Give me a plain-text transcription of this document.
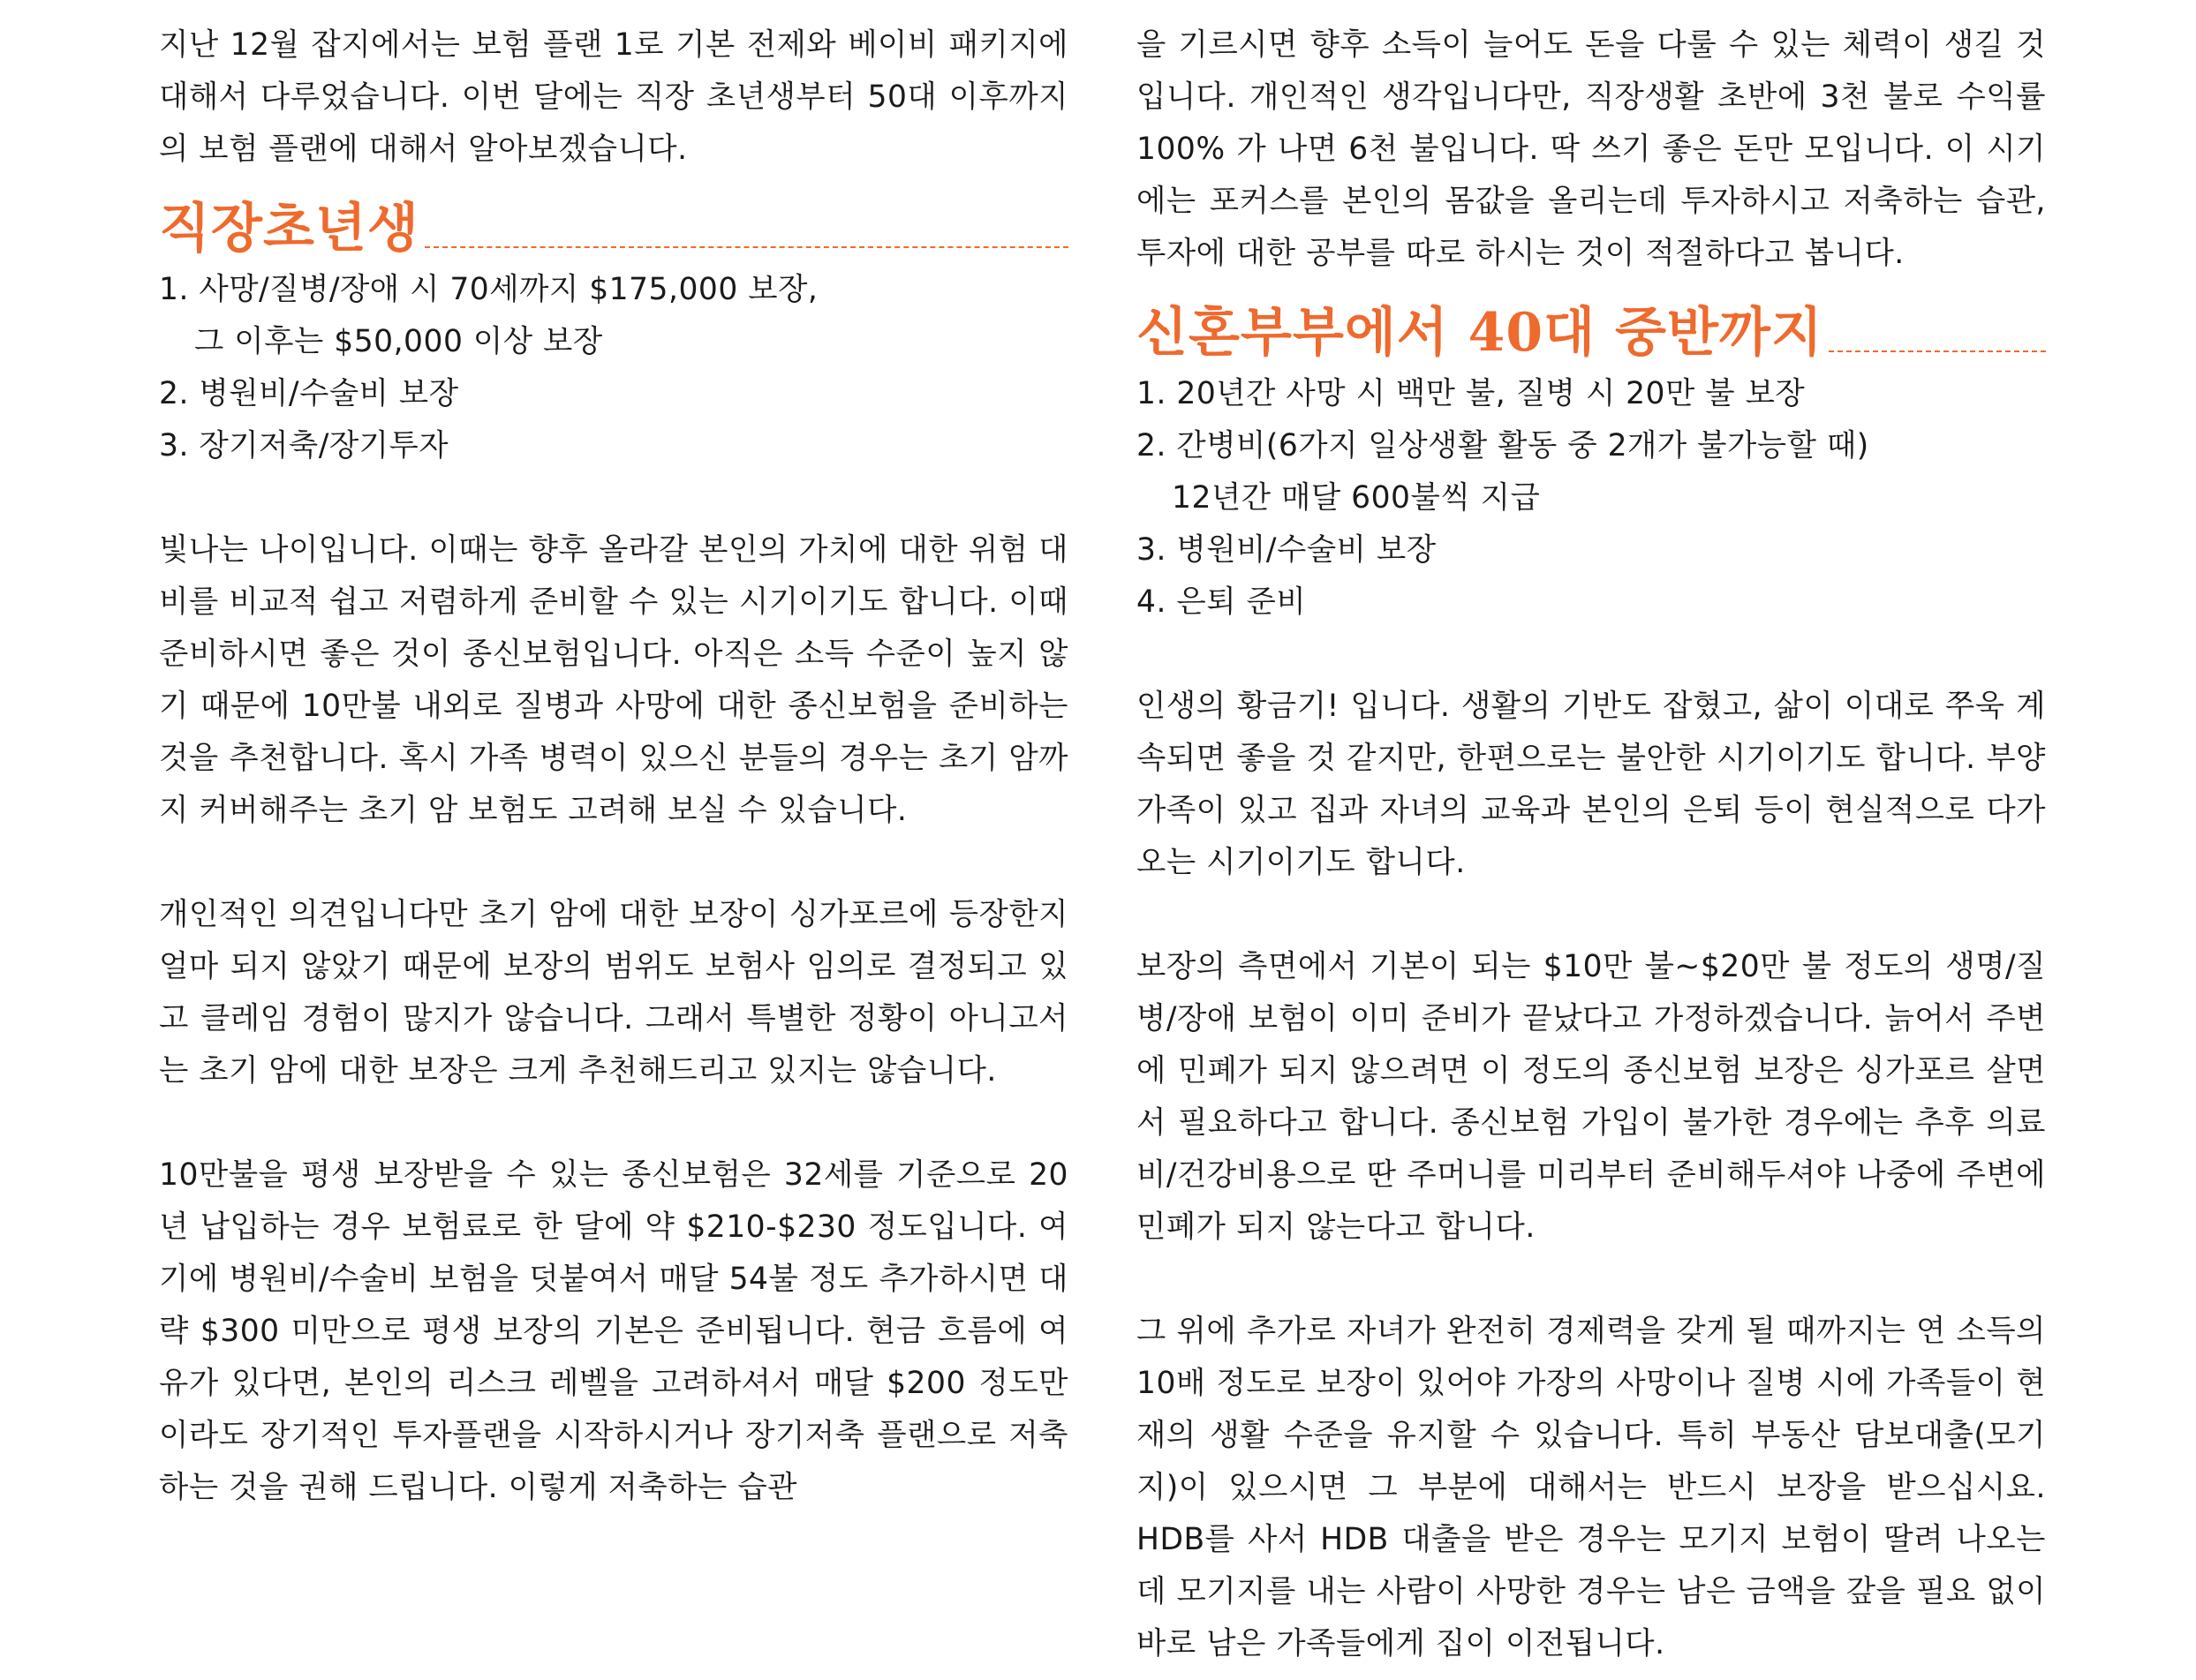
지난 12월 잡지에서는 보험 플랜 1로 기본 전제와 베이비 패키지에 대해서 다루었습니다. 이번 달에는 직장 초년생부터 50대 이후까지의 보험 플랜에 대해서 알아보겠습니다.

직장초년생
1. 사망/질병/장애 시 70세까지 $175,000 보장,
그 이후는 $50,000 이상 보장
2. 병원비/수술비 보장
3. 장기저축/장기투자

빛나는 나이입니다. 이때는 향후 올라갈 본인의 가치에 대한 위험 대비를 비교적 쉽고 저렴하게 준비할 수 있는 시기이기도 합니다. 이때 준비하시면 좋은 것이 종신보험입니다. 아직은 소득 수준이 높지 않기 때문에 10만불 내외로 질병과 사망에 대한 종신보험을 준비하는 것을 추천합니다. 혹시 가족 병력이 있으신 분들의 경우는 초기 암까지 커버해주는 초기 암 보험도 고려해 보실 수 있습니다.

개인적인 의견입니다만 초기 암에 대한 보장이 싱가포르에 등장한지 얼마 되지 않았기 때문에 보장의 범위도 보험사 임의로 결정되고 있고 클레임 경험이 많지가 않습니다. 그래서 특별한 정황이 아니고서는 초기 암에 대한 보장은 크게 추천해드리고 있지는 않습니다.

10만불을 평생 보장받을 수 있는 종신보험은 32세를 기준으로 20년 납입하는 경우 보험료로 한 달에 약 $210-$230 정도입니다. 여기에 병원비/수술비 보험을 덧붙여서 매달 54불 정도 추가하시면 대략 $300 미만으로 평생 보장의 기본은 준비됩니다. 현금 흐름에 여유가 있다면, 본인의 리스크 레벨을 고려하셔서 매달 $200 정도만이라도 장기적인 투자플랜을 시작하시거나 장기저축 플랜으로 저축하는 것을 권해 드립니다. 이렇게 저축하는 습관

을 기르시면 향후 소득이 늘어도 돈을 다룰 수 있는 체력이 생길 것입니다. 개인적인 생각입니다만, 직장생활 초반에 3천 불로 수익률 100% 가 나면 6천 불입니다. 딱 쓰기 좋은 돈만 모입니다. 이 시기에는 포커스를 본인의 몸값을 올리는데 투자하시고 저축하는 습관, 투자에 대한 공부를 따로 하시는 것이 적절하다고 봅니다.

신혼부부에서 40대 중반까지
1. 20년간 사망 시 백만 불, 질병 시 20만 불 보장
2. 간병비(6가지 일상생활 활동 중 2개가 불가능할 때)
12년간 매달 600불씩 지급
3. 병원비/수술비 보장
4. 은퇴 준비

인생의 황금기! 입니다. 생활의 기반도 잡혔고, 삶이 이대로 쭈욱 계속되면 좋을 것 같지만, 한편으로는 불안한 시기이기도 합니다. 부양가족이 있고 집과 자녀의 교육과 본인의 은퇴 등이 현실적으로 다가오는 시기이기도 합니다.

보장의 측면에서 기본이 되는 $10만 불~$20만 불 정도의 생명/질병/장애 보험이 이미 준비가 끝났다고 가정하겠습니다. 늙어서 주변에 민폐가 되지 않으려면 이 정도의 종신보험 보장은 싱가포르 살면서 필요하다고 합니다. 종신보험 가입이 불가한 경우에는 추후 의료비/건강비용으로 딴 주머니를 미리부터 준비해두셔야 나중에 주변에 민폐가 되지 않는다고 합니다.

그 위에 추가로 자녀가 완전히 경제력을 갖게 될 때까지는 연 소득의 10배 정도로 보장이 있어야 가장의 사망이나 질병 시에 가족들이 현재의 생활 수준을 유지할 수 있습니다. 특히 부동산 담보대출(모기지)이 있으시면 그 부분에 대해서는 반드시 보장을 받으십시요. HDB를 사서 HDB 대출을 받은 경우는 모기지 보험이 딸려 나오는데 모기지를 내는 사람이 사망한 경우는 남은 금액을 갚을 필요 없이 바로 남은 가족들에게 집이 이전됩니다.
